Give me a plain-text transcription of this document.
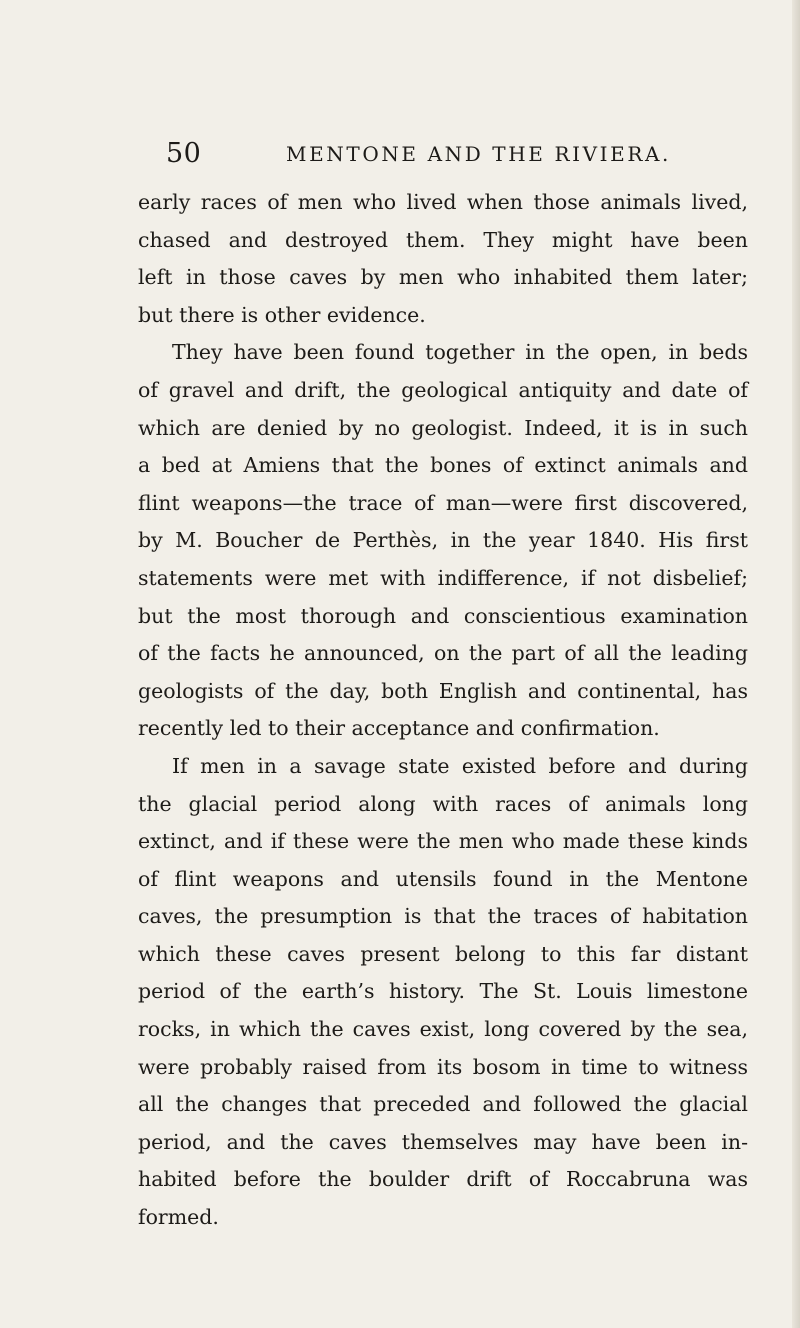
50	MENTONE AND THE RIVIERA.
early races of men who lived when those animals lived,
chased and destroyed them. They might have been
left in those caves by men who inhabited them later;
but there is other evidence.
They have been found together in the open, in beds
of gravel and drift, the geological antiquity and date of
which are denied by no geologist. Indeed, it is in such
a bed at Amiens that the bones of extinct animals and
flint weapons—the trace of man—were first discovered,
by M. Boucher de Perthès, in the year 1840. His first
statements were met with indifference, if not disbelief;
but the most thorough and conscientious examination
of the facts he announced, on the part of all the leading
geologists of the day, both English and continental, has
recently led to their acceptance and confirmation.
If men in a savage state existed before and during
the glacial period along with races of animals long
extinct, and if these were the men who made these kinds
of flint weapons and utensils found in the Mentone
caves, the presumption is that the traces of habitation
which these caves present belong to this far distant
period of the earth’s history. The St. Louis limestone
rocks, in which the caves exist, long covered by the sea,
were probably raised from its bosom in time to witness
all the changes that preceded and followed the glacial
period, and the caves themselves may have been in-
habited before the boulder drift of Roccabruna was
formed.
